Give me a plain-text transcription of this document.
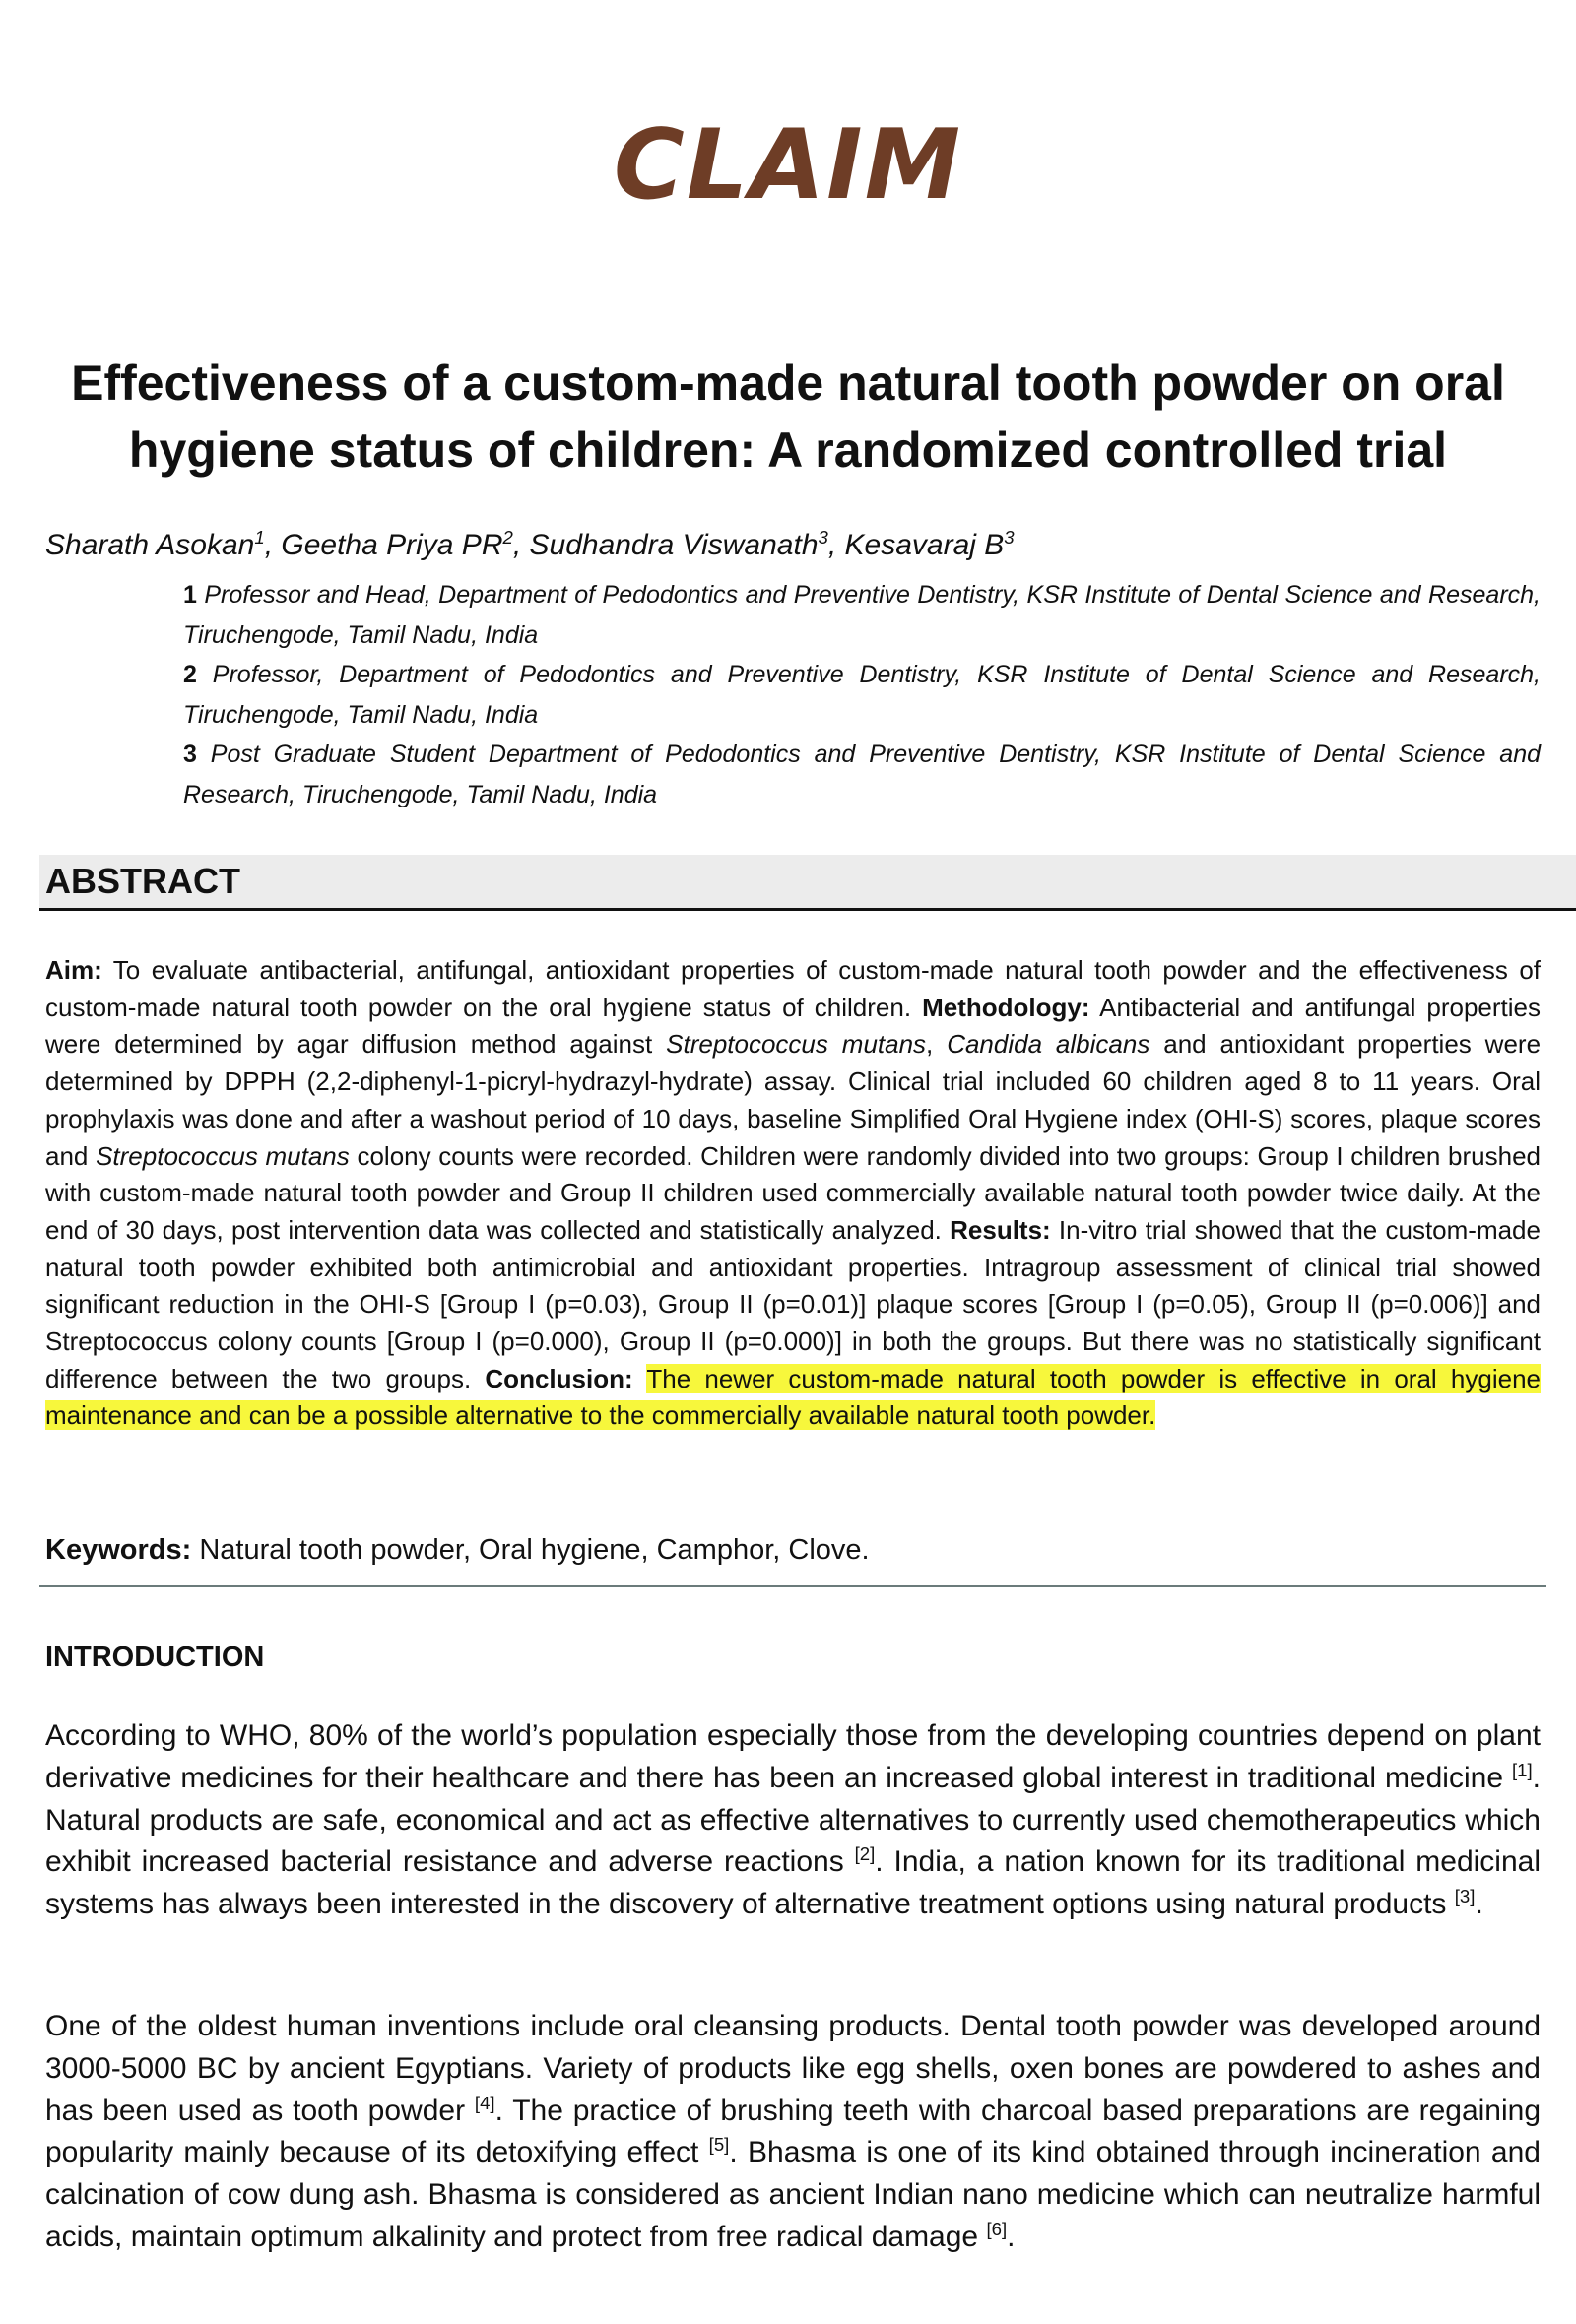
CLAIM
Effectiveness of a custom-made natural tooth powder on oral hygiene status of children: A randomized controlled trial
Sharath Asokan$^1$, Geetha Priya $PR^2$, Sudhandra Viswanath$^3$, Kesavaraj $B^3$
1 Professor and Head, Department of Pedodontics and Preventive Dentistry, KSR Institute of Dental Science and Research, Tiruchengode, Tamil Nadu, India
2 Professor, Department of Pedodontics and Preventive Dentistry, KSR Institute of Dental Science and Research, Tiruchengode, Tamil Nadu, India
3 Post Graduate Student Department of Pedodontics and Preventive Dentistry, KSR Institute of Dental Science and Research, Tiruchengode, Tamil Nadu, India
ABSTRACT
Aim: To evaluate antibacterial, antifungal, antioxidant properties of custom-made natural tooth powder and the effectiveness of custom-made natural tooth powder on the oral hygiene status of children. Methodology: Antibacterial and antifungal properties were determined by agar diffusion method against Streptococcus mutans, Candida albicans and antioxidant properties were determined by DPPH (2,2-diphenyl-1-picryl-hydrazyl-hydrate) assay. Clinical trial included 60 children aged 8 to 11 years. Oral prophylaxis was done and after a washout period of 10 days, baseline Simplified Oral Hygiene index (OHI-S) scores, plaque scores and Streptococcus mutans colony counts were recorded. Children were randomly divided into two groups: Group I children brushed with custom-made natural tooth powder and Group II children used commercially available natural tooth powder twice daily. At the end of 30 days, post intervention data was collected and statistically analyzed. Results: In-vitro trial showed that the custom-made natural tooth powder exhibited both antimicrobial and antioxidant properties. Intragroup assessment of clinical trial showed significant reduction in the OHI-S [Group I (p=0.03), Group II (p=0.01)] plaque scores [Group I (p=0.05), Group II (p=0.006)] and Streptococcus colony counts [Group I (p=0.000), Group II (p=0.000)] in both the groups. But there was no statistically significant difference between the two groups. Conclusion: The newer custom-made natural tooth powder is effective in oral hygiene maintenance and can be a possible alternative to the commercially available natural tooth powder.
Keywords: Natural tooth powder, Oral hygiene, Camphor, Clove.
INTRODUCTION
According to WHO, 80% of the world’s population especially those from the developing countries depend on plant derivative medicines for their healthcare and there has been an increased global interest in traditional medicine [1]. Natural products are safe, economical and act as effective alternatives to currently used chemotherapeutics which exhibit increased bacterial resistance and adverse reactions [2]. India, a nation known for its traditional medicinal systems has always been interested in the discovery of alternative treatment options using natural products [3].
One of the oldest human inventions include oral cleansing products. Dental tooth powder was developed around 3000-5000 BC by ancient Egyptians. Variety of products like egg shells, oxen bones are powdered to ashes and has been used as tooth powder [4]. The practice of brushing teeth with charcoal based preparations are regaining popularity mainly because of its detoxifying effect [5]. Bhasma is one of its kind obtained through incineration and calcination of cow dung ash. Bhasma is considered as ancient Indian nano medicine which can neutralize harmful acids, maintain optimum alkalinity and protect from free radical damage [6].
